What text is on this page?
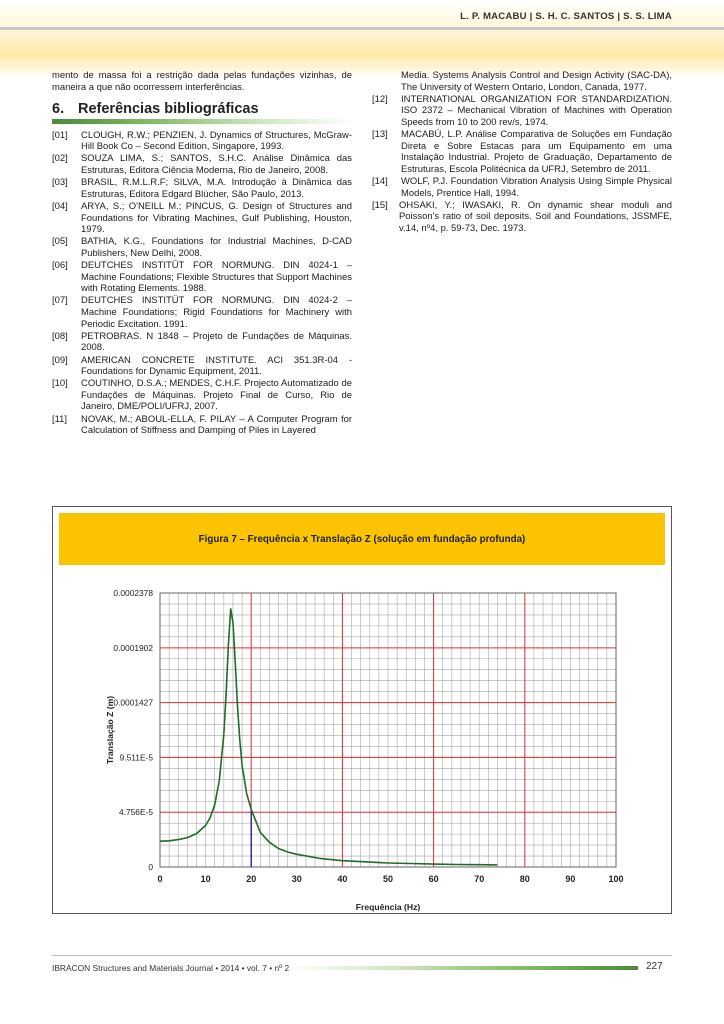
L. P. MACABU | S. H. C. SANTOS | S. S. LIMA

mento de massa foi a restrição dada pelas fundações vizinhas, de maneira a que não ocorressem interferências.

6. Referências bibliográficas
[01]	CLOUGH, R.W.; PENZIEN, J. Dynamics of Structures, McGraw-Hill Book Co – Second Edition, Singapore, 1993.
[02]	SOUZA LIMA, S.; SANTOS, S.H.C. Análise Dinâmica das Estruturas, Editora Ciência Moderna, Rio de Janeiro, 2008.
[03]	BRASIL, R.M.L.R.F; SILVA, M.A. Introdução à Dinâmica das Estruturas, Editora Edgard Blücher, São Paulo, 2013.
[04]	ARYA, S.; O'NEILL M.; PINCUS, G. Design of Structures and Foundations for Vibrating Machines, Gulf Publishing, Houston, 1979.
[05]	BATHIA, K.G., Foundations for Industrial Machines, D-CAD Publishers, New Delhi, 2008.
[06]	DEUTCHES INSTITÜT FOR NORMUNG. DIN 4024-1 – Machine Foundations; Flexible Structures that Support Machines with Rotating Elements. 1988.
[07]	DEUTCHES INSTITÜT FOR NORMUNG. DIN 4024-2 – Machine Foundations; Rigid Foundations for Machinery with Periodic Excitation. 1991.
[08]	PETROBRAS. N 1848 – Projeto de Fundações de Máquinas. 2008.
[09]	AMERICAN CONCRETE INSTITUTE. ACI 351.3R-04 - Foundations for Dynamic Equipment, 2011.
[10]	COUTINHO, D.S.A.; MENDES, C.H.F. Projecto Automatizado de Fundações de Máquinas. Projeto Final de Curso, Rio de Janeiro, DME/POLI/UFRJ, 2007.
[11]	NOVAK, M.; ABOUL-ELLA, F. PILAY – A Computer Program for Calculation of Stiffness and Damping of Piles in Layered
Media. Systems Analysis Control and Design Activity (SAC-DA), The University of Western Ontario, London, Canada, 1977.
[12]	INTERNATIONAL ORGANIZATION FOR STANDARDIZATION. ISO 2372 – Mechanical Vibration of Machines with Operation Speeds from 10 to 200 rev/s, 1974.
[13]	MACABÚ, L.P. Análise Comparativa de Soluções em Fundação Direta e Sobre Estacas para um Equipamento em uma Instalação Industrial. Projeto de Graduação, Departamento de Estruturas, Escola Politécnica da UFRJ, Setembro de 2011.
[14]	WOLF, P.J. Foundation Vibration Analysis Using Simple Physical Models, Prentice Hall, 1994.
[15]	OHSAKI, Y.; IWASAKI, R. On dynamic shear moduli and Poisson's ratio of soil deposits. Soil and Foundations, JSSMFE, v.14, nº4, p. 59-73, Dec. 1973.
Figura 7 – Frequência x Translação Z (solução em fundação profunda)
0	10	20	30	40	50	60	70	80	90	100
0
4.756E-5
9.511E-5
0.0001427
0.0001902
0.0002378
Frequência (Hz)
Translação Z (m)
IBRACON Structures and Materials Journal • 2014 • vol. 7 • nº 2	227
